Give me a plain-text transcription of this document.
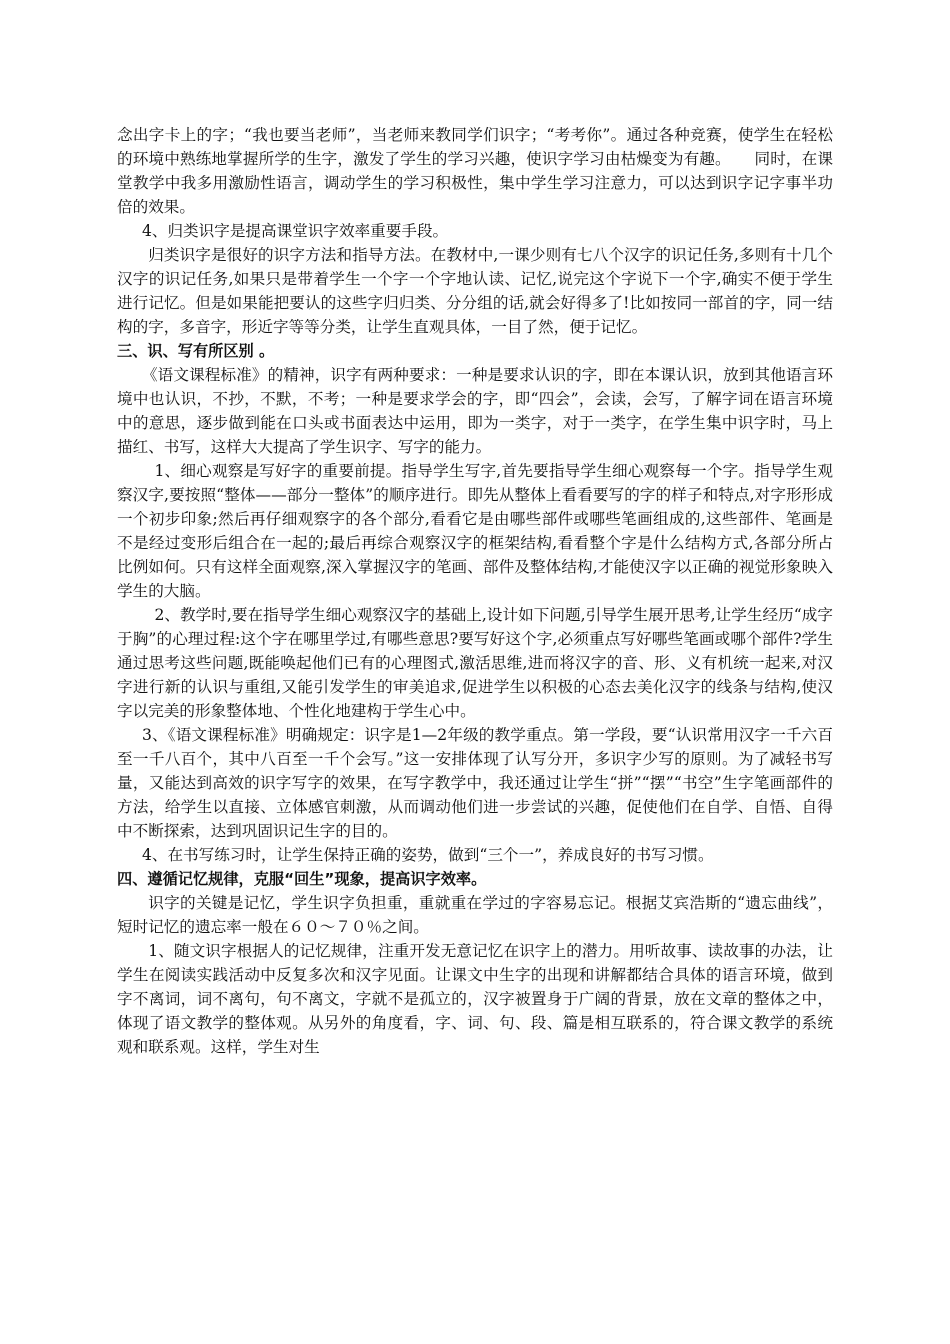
念出字卡上的字；“我也要当老师”，当老师来教同学们识字；“考考你”。通过各种竞赛，使学生在轻松的环境中熟练地掌握所学的生字，激发了学生的学习兴趣，使识字学习由枯燥变为有趣。　　同时，在课堂教学中我多用激励性语言，调动学生的学习积极性，集中学生学习注意力，可以达到识字记字事半功倍的效果。

4、归类识字是提高课堂识字效率重要手段。

归类识字是很好的识字方法和指导方法。在教材中,一课少则有七八个汉字的识记任务,多则有十几个汉字的识记任务,如果只是带着学生一个字一个字地认读、记忆,说完这个字说下一个字,确实不便于学生进行记忆。但是如果能把要认的这些字归归类、分分组的话,就会好得多了!比如按同一部首的字，同一结构的字，多音字，形近字等等分类，让学生直观具体，一目了然，便于记忆。

三、识、写有所区别 。

《语文课程标准》的精神，识字有两种要求：一种是要求认识的字，即在本课认识，放到其他语言环境中也认识，不抄，不默，不考；一种是要求学会的字，即“四会”，会读，会写，了解字词在语言环境中的意思，逐步做到能在口头或书面表达中运用，即为一类字，对于一类字，在学生集中识字时，马上描红、书写，这样大大提高了学生识字、写字的能力。

1、细心观察是写好字的重要前提。指导学生写字,首先要指导学生细心观察每一个字。指导学生观察汉字,要按照“整体——部分一整体”的顺序进行。即先从整体上看看要写的字的样子和特点,对字形形成一个初步印象;然后再仔细观察字的各个部分,看看它是由哪些部件或哪些笔画组成的,这些部件、笔画是不是经过变形后组合在一起的;最后再综合观察汉字的框架结构,看看整个字是什么结构方式,各部分所占比例如何。只有这样全面观察,深入掌握汉字的笔画、部件及整体结构,才能使汉字以正确的视觉形象映入学生的大脑。

2、教学时,要在指导学生细心观察汉字的基础上,设计如下问题,引导学生展开思考,让学生经历“成字于胸”的心理过程:这个字在哪里学过,有哪些意思?要写好这个字,必须重点写好哪些笔画或哪个部件?学生通过思考这些问题,既能唤起他们已有的心理图式,激活思维,进而将汉字的音、形、义有机统一起来,对汉字进行新的认识与重组,又能引发学生的审美追求,促进学生以积极的心态去美化汉字的线条与结构,使汉字以完美的形象整体地、个性化地建构于学生心中。

3、《语文课程标准》明确规定：识字是1—2年级的教学重点。第一学段，要“认识常用汉字一千六百至一千八百个，其中八百至一千个会写。”这一安排体现了认写分开，多识字少写的原则。为了减轻书写量，又能达到高效的识字写字的效果，在写字教学中，我还通过让学生“拼”“摆”“书空”生字笔画部件的方法，给学生以直接、立体感官刺激，从而调动他们进一步尝试的兴趣，促使他们在自学、自悟、自得中不断探索，达到巩固识记生字的目的。

4、在书写练习时，让学生保持正确的姿势，做到“三个一”，养成良好的书写习惯。

四、遵循记忆规律，克服“回生”现象，提高识字效率。

识字的关键是记忆，学生识字负担重，重就重在学过的字容易忘记。根据艾宾浩斯的“遗忘曲线”，短时记忆的遗忘率一般在６０～７０％之间。

1、随文识字根据人的记忆规律，注重开发无意记忆在识字上的潜力。用听故事、读故事的办法，让学生在阅读实践活动中反复多次和汉字见面。让课文中生字的出现和讲解都结合具体的语言环境，做到字不离词，词不离句，句不离文，字就不是孤立的，汉字被置身于广阔的背景，放在文章的整体之中，体现了语文教学的整体观。从另外的角度看，字、词、句、段、篇是相互联系的，符合课文教学的系统观和联系观。这样，学生对生
